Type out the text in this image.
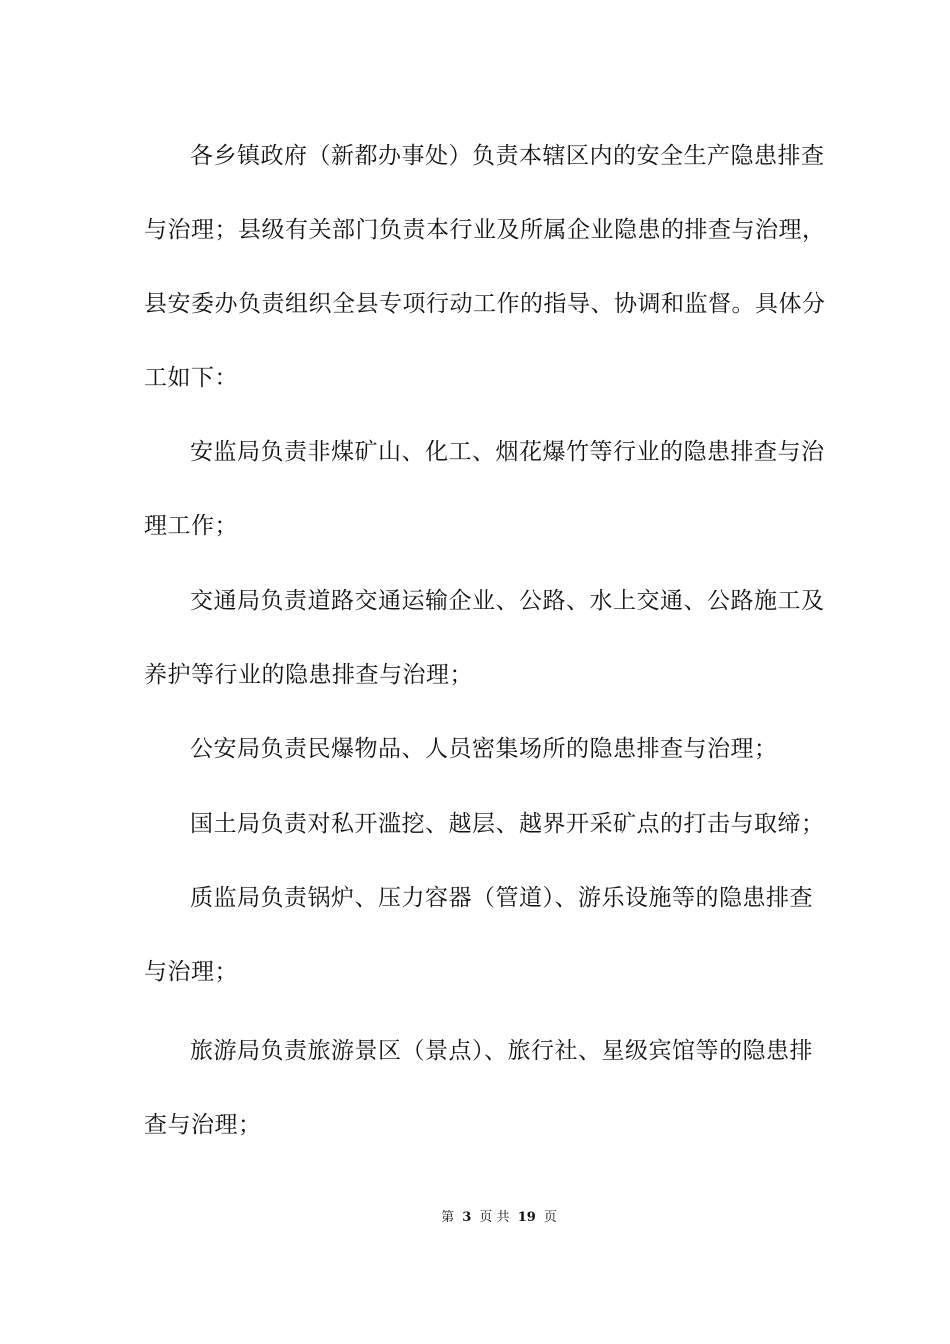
各乡镇政府（新都办事处）负责本辖区内的安全生产隐患排查
与治理；县级有关部门负责本行业及所属企业隐患的排查与治理，
县安委办负责组织全县专项行动工作的指导、协调和监督。具体分
工如下：
安监局负责非煤矿山、化工、烟花爆竹等行业的隐患排查与治
理工作；
交通局负责道路交通运输企业、公路、水上交通、公路施工及
养护等行业的隐患排查与治理；
公安局负责民爆物品、人员密集场所的隐患排查与治理；
国土局负责对私开滥挖、越层、越界开采矿点的打击与取缔；
质监局负责锅炉、压力容器（管道）、游乐设施等的隐患排查
与治理；
旅游局负责旅游景区（景点）、旅行社、星级宾馆等的隐患排
查与治理；
第 3 页 共 19 页
